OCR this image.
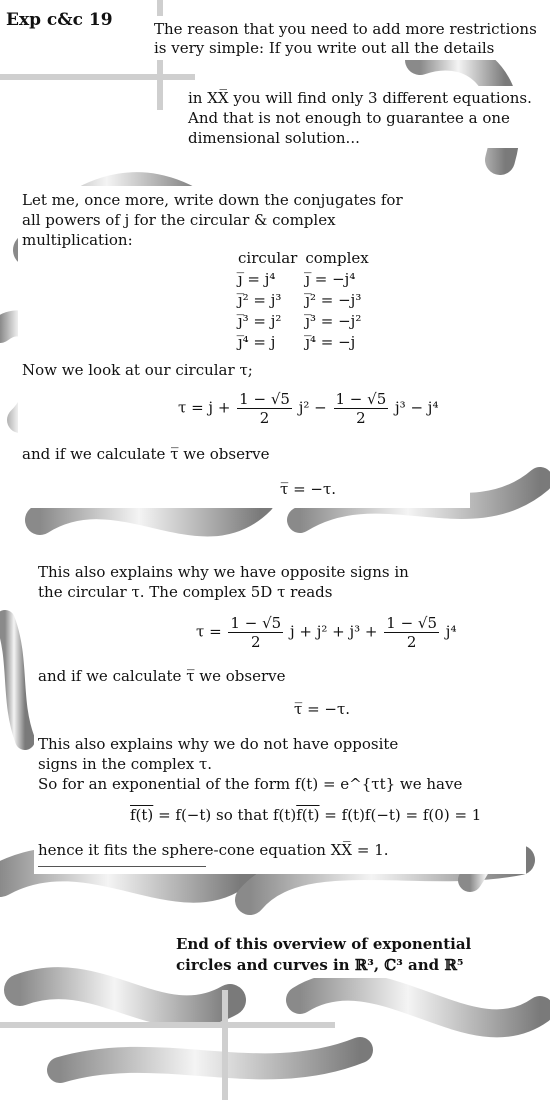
Exp c&c 19	The reason that you need to add more restrictions

is very simple: If you write out all the details

in XX̅ you will find only 3 different equations.

And that is not enough to guarantee a one

dimensional solution...

Let me, once more, write down the conjugates for

all powers of j for the circular & complex

multiplication:

circular	complex
j̅ = j⁴	j̅ = −j⁴
j̅² = j³	j̅² = −j³
j̅³ = j²	j̅³ = −j²
j̅⁴ = j	j̅⁴ = −j

Now we look at our circular τ;

$\tau = j + \frac{1 - √5}{2} j^2 - \frac{1 - √5}{2} j^3 - j^4$

and if we calculate τ̅ we observe

τ̅ = −τ.

This also explains why we have opposite signs in

the circular τ. The complex 5D τ reads

$\tau = \frac{1 - √5}{2}$ $j + j^2 + j^3 + \frac{1 - √5}{2} j^4$

and if we calculate τ̅ we observe

τ̅ = −τ.

This also explains why we do not have opposite

signs in the complex τ.

So for an exponential of the form f(t) = e^{τt} we have

f(t) = f(−t) so that f(t)f(t) = f(t)f(−t) = f(0) = 1

hence it fits the sphere-cone equation XX̅ = 1.

End of this overview of exponential

circles and curves in ℝ³, ℂ³ and ℝ⁵
